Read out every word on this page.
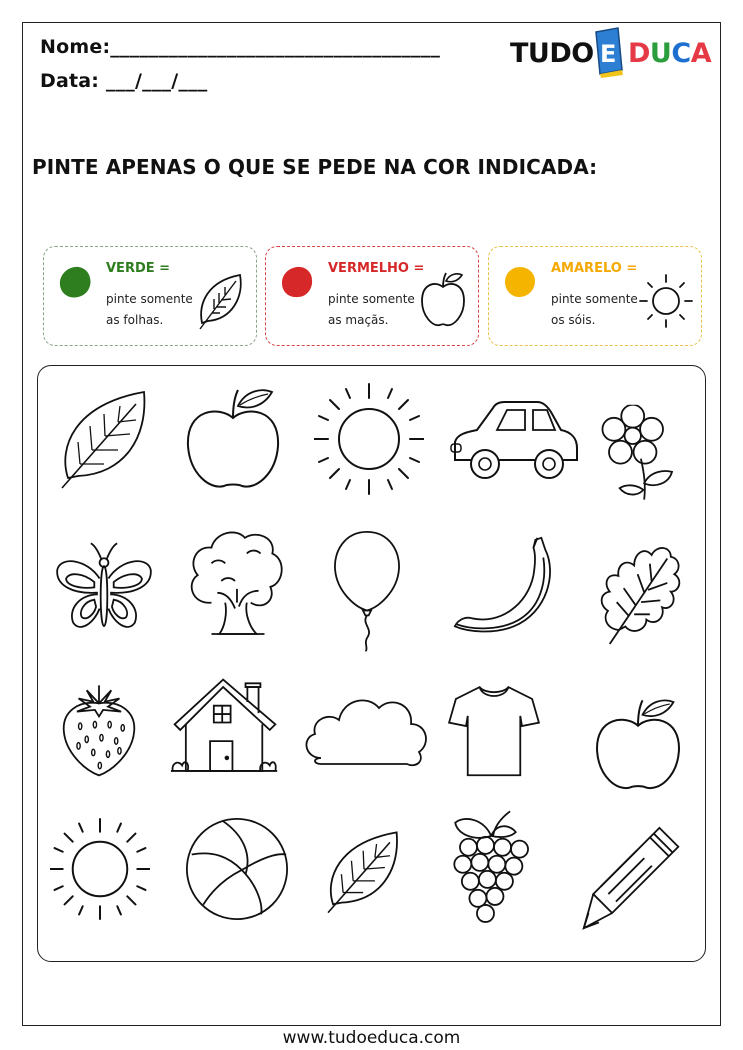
Nome:__________________________________
Data: ___/___/___
TUDO E DUCA
PINTE APENAS O QUE SE PEDE NA COR INDICADA:
VERDE =
pinte somente
as folhas.
VERMELHO =
pinte somente
as maçãs.
AMARELO =
pinte somente
os sóis.
www.tudoeduca.com
